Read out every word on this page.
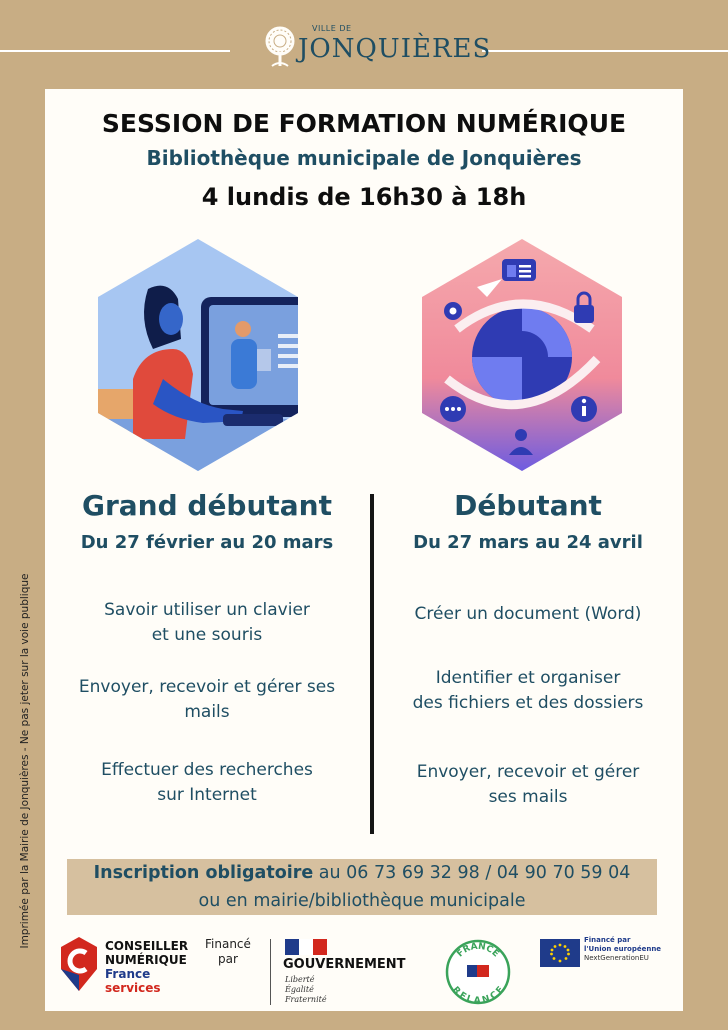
VILLE DE
JONQUIÈRES
Imprimée par la Mairie de Jonquières - Ne pas jeter sur la voie publique
SESSION DE FORMATION NUMÉRIQUE
Bibliothèque municipale de Jonquières
4 lundis de 16h30 à 18h
Grand débutant
Du 27 février au 20 mars
Savoir utiliser un clavier
et une souris
Envoyer, recevoir et gérer ses
mails
Effectuer des recherches
sur Internet
Débutant
Du 27 mars au 24 avril
Créer un document (Word)
Identifier et organiser
des fichiers et des dossiers
Envoyer, recevoir et gérer
ses mails
Inscription obligatoire au 06 73 69 32 98 / 04 90 70 59 04
ou en mairie/bibliothèque municipale
CONSEILLER
NUMÉRIQUE
France
services
Financé
par	GOUVERNEMENT
Liberté
Égalité
Fraternité
FRANCE
RELANCE
Financé par
l'Union européenne
NextGenerationEU
